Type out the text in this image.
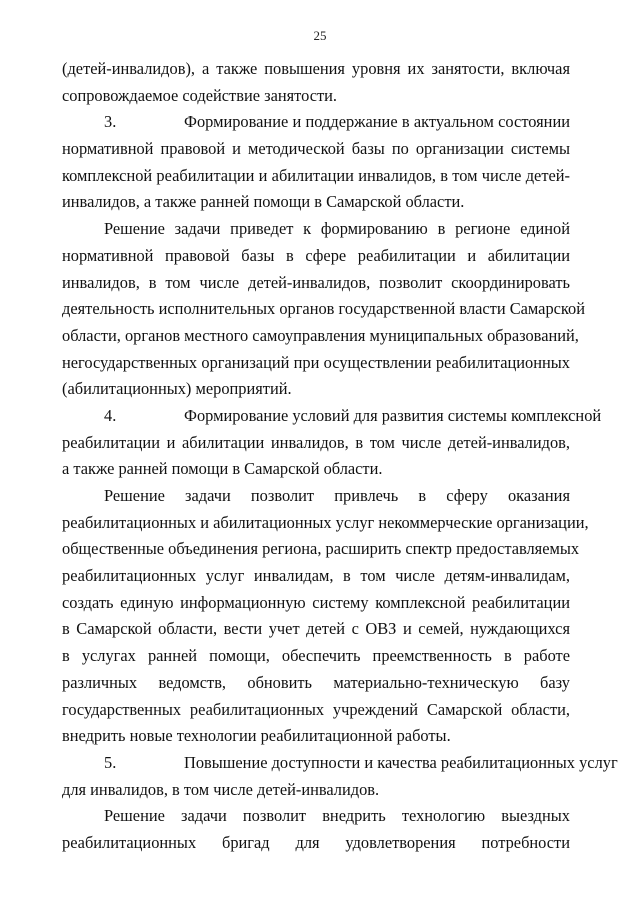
25

(детей-инвалидов), а также повышения уровня их занятости, включая
сопровождаемое содействие занятости.

3.	Формирование и поддержание в актуальном состоянии
нормативной правовой и методической базы по организации системы
комплексной реабилитации и абилитации инвалидов, в том числе детей-
инвалидов, а также ранней помощи в Самарской области.

Решение задачи приведет к формированию в регионе единой
нормативной правовой базы в сфере реабилитации и абилитации
инвалидов, в том числе детей-инвалидов, позволит скоординировать
деятельность исполнительных органов государственной власти Самарской
области, органов местного самоуправления муниципальных образований,
негосударственных организаций при осуществлении реабилитационных
(абилитационных) мероприятий.

4.	Формирование условий для развития системы комплексной
реабилитации и абилитации инвалидов, в том числе детей-инвалидов,
а также ранней помощи в Самарской области.

Решение задачи позволит привлечь в сферу оказания
реабилитационных и абилитационных услуг некоммерческие организации,
общественные объединения региона, расширить спектр предоставляемых
реабилитационных услуг инвалидам, в том числе детям-инвалидам,
создать единую информационную систему комплексной реабилитации
в Самарской области, вести учет детей с ОВЗ и семей, нуждающихся
в услугах ранней помощи, обеспечить преемственность в работе
различных ведомств, обновить материально-техническую базу
государственных реабилитационных учреждений Самарской области,
внедрить новые технологии реабилитационной работы.

5.	Повышение доступности и качества реабилитационных услуг
для инвалидов, в том числе детей-инвалидов.

Решение задачи позволит внедрить технологию выездных
реабилитационных бригад для удовлетворения потребности
